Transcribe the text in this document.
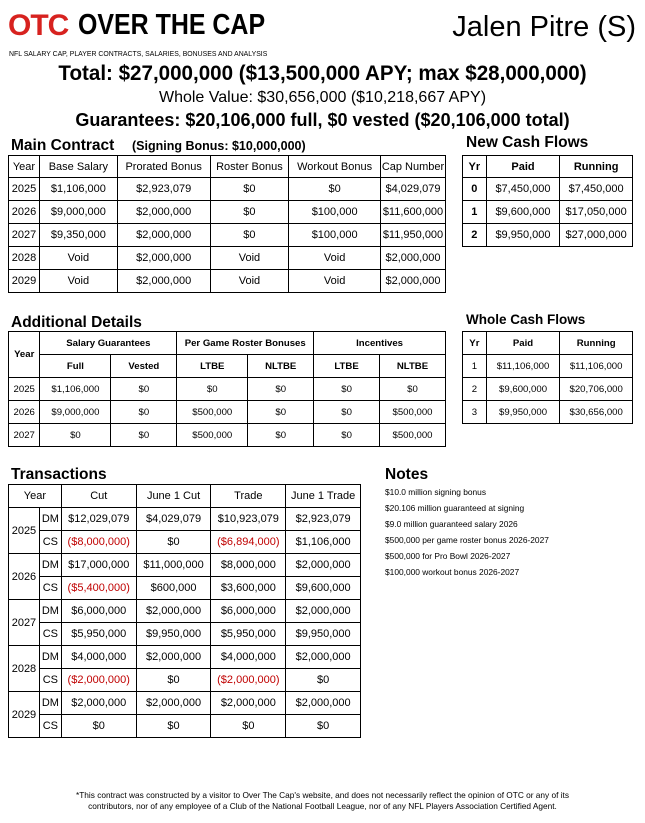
OTC OVER THE CAP
NFL SALARY CAP, PLAYER CONTRACTS, SALARIES, BONUSES AND ANALYSIS
Jalen Pitre (S)
Total: $27,000,000 ($13,500,000 APY; max $28,000,000)
Whole Value: $30,656,000 ($10,218,667 APY)
Guarantees: $20,106,000 full, $0 vested ($20,106,000 total)
Main Contract (Signing Bonus: $10,000,000)
Year	Base Salary	Prorated Bonus	Roster Bonus	Workout Bonus	Cap Number
2025	$1,106,000	$2,923,079	$0	$0	$4,029,079
2026	$9,000,000	$2,000,000	$0	$100,000	$11,600,000
2027	$9,350,000	$2,000,000	$0	$100,000	$11,950,000
2028	Void	$2,000,000	Void	Void	$2,000,000
2029	Void	$2,000,000	Void	Void	$2,000,000
New Cash Flows
Yr	Paid	Running
0	$7,450,000	$7,450,000
1	$9,600,000	$17,050,000
2	$9,950,000	$27,000,000
Additional Details
Year	Salary Guarantees		Per Game Roster Bonuses		Incentives	
	Full	Vested	LTBE	NLTBE	LTBE	NLTBE
2025	$1,106,000	$0	$0	$0	$0	$0
2026	$9,000,000	$0	$500,000	$0	$0	$500,000
2027	$0	$0	$500,000	$0	$0	$500,000
Whole Cash Flows
Yr	Paid	Running
1	$11,106,000	$11,106,000
2	$9,600,000	$20,706,000
3	$9,950,000	$30,656,000
Transactions
Year		Cut	June 1 Cut	Trade	June 1 Trade
2025	DM	$12,029,079	$4,029,079	$10,923,079	$2,923,079
	CS	($8,000,000)	$0	($6,894,000)	$1,106,000
2026	DM	$17,000,000	$11,000,000	$8,000,000	$2,000,000
	CS	($5,400,000)	$600,000	$3,600,000	$9,600,000
2027	DM	$6,000,000	$2,000,000	$6,000,000	$2,000,000
	CS	$5,950,000	$9,950,000	$5,950,000	$9,950,000
2028	DM	$4,000,000	$2,000,000	$4,000,000	$2,000,000
	CS	($2,000,000)	$0	($2,000,000)	$0
2029	DM	$2,000,000	$2,000,000	$2,000,000	$2,000,000
	CS	$0	$0	$0	$0
Notes
$10.0 million signing bonus
$20.106 million guaranteed at signing
$9.0 million guaranteed salary 2026
$500,000 per game roster bonus 2026-2027
$500,000 for Pro Bowl 2026-2027
$100,000 workout bonus 2026-2027
*This contract was constructed by a visitor to Over The Cap's website, and does not necessarily reflect the opinion of OTC or any of its
contributors, nor of any employee of a Club of the National Football League, nor of any NFL Players Association Certified Agent.
